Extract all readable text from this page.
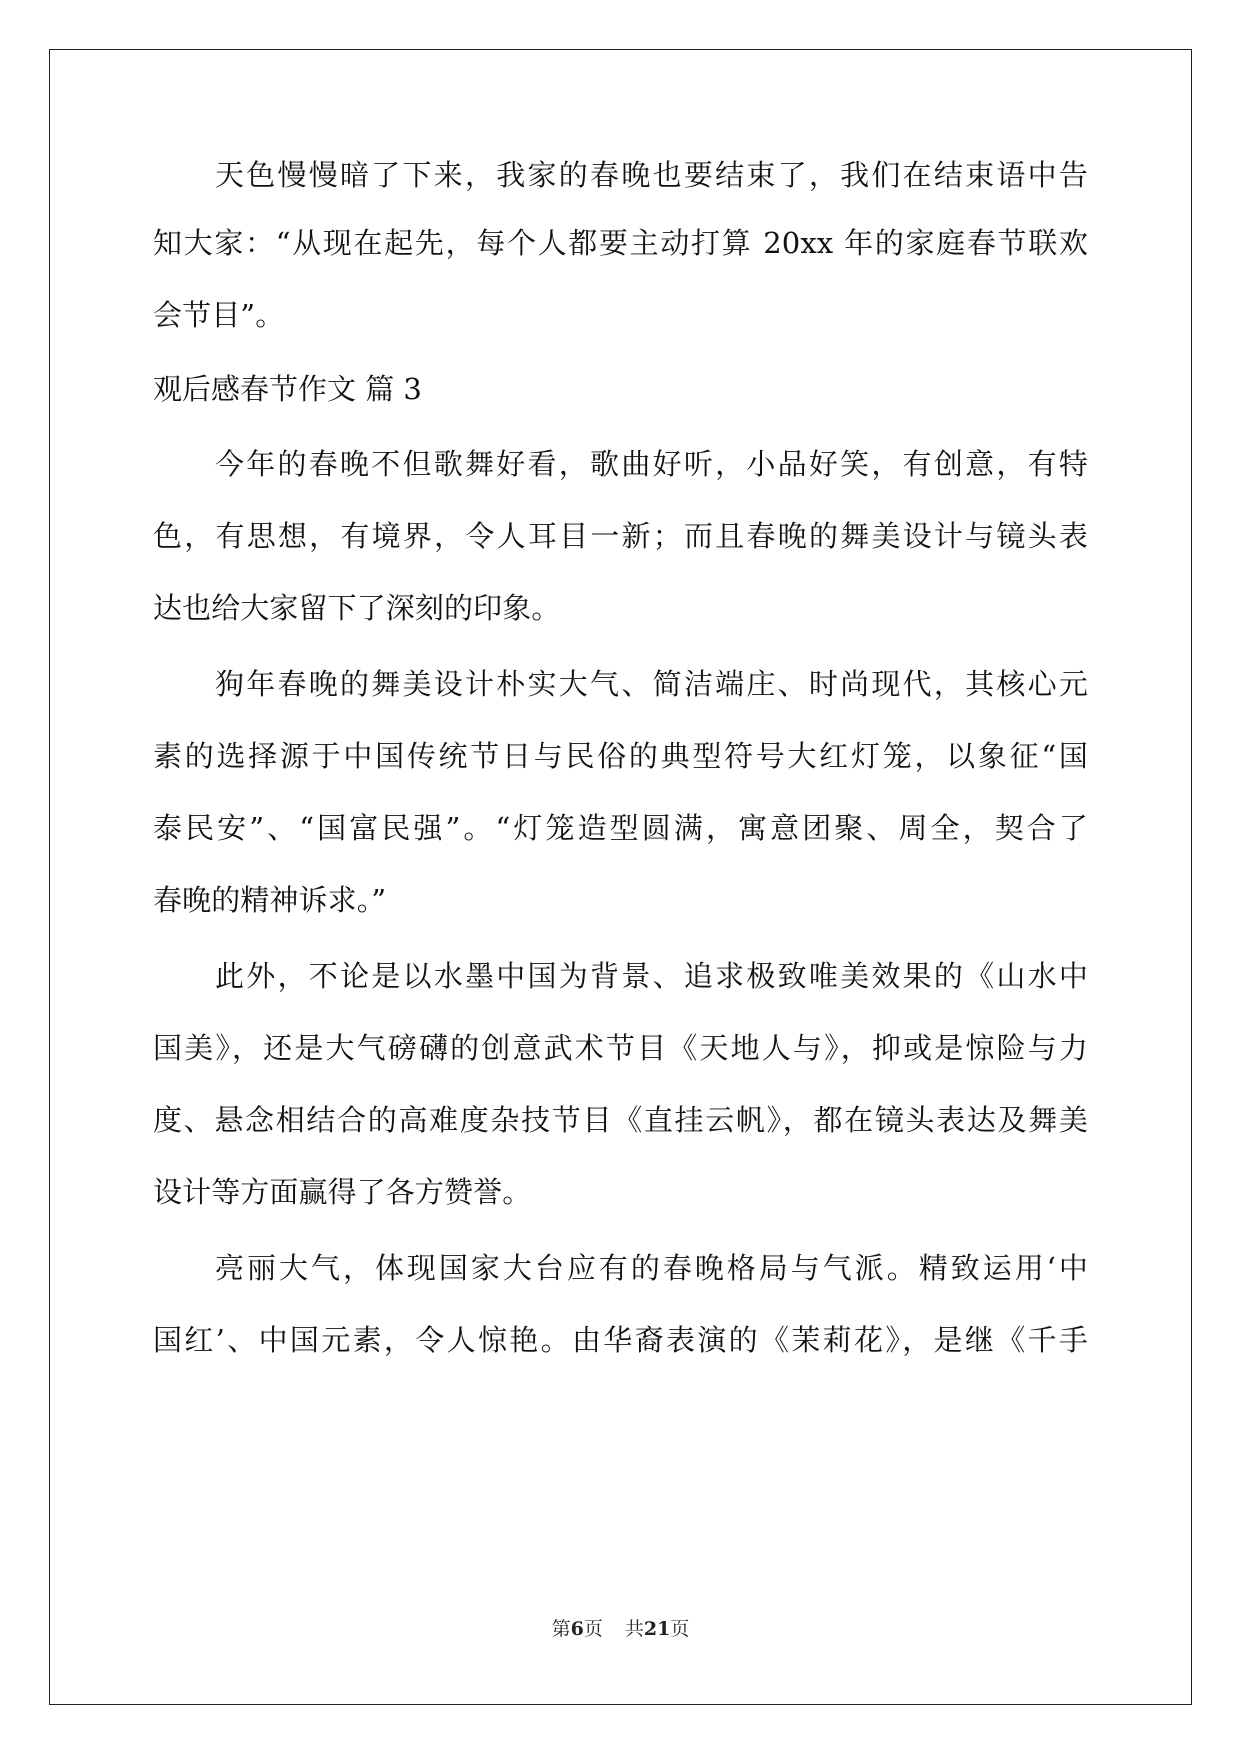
天色慢慢暗了下来，我家的春晚也要结束了，我们在结束语中告
知大家：“从现在起先，每个人都要主动打算 20xx 年的家庭春节联欢
会节目”。
观后感春节作文 篇 3
今年的春晚不但歌舞好看，歌曲好听，小品好笑，有创意，有特
色，有思想，有境界，令人耳目一新；而且春晚的舞美设计与镜头表
达也给大家留下了深刻的印象。
狗年春晚的舞美设计朴实大气、简洁端庄、时尚现代，其核心元
素的选择源于中国传统节日与民俗的典型符号大红灯笼，以象征“国
泰民安”、“国富民强”。“灯笼造型圆满，寓意团聚、周全，契合了
春晚的精神诉求。”
此外，不论是以水墨中国为背景、追求极致唯美效果的《山水中
国美》，还是大气磅礴的创意武术节目《天地人与》，抑或是惊险与力
度、悬念相结合的高难度杂技节目《直挂云帆》，都在镜头表达及舞美
设计等方面赢得了各方赞誉。
亮丽大气，体现国家大台应有的春晚格局与气派。精致运用‘中
国红’、中国元素，令人惊艳。由华裔表演的《茉莉花》，是继《千手
第6页 共21页
